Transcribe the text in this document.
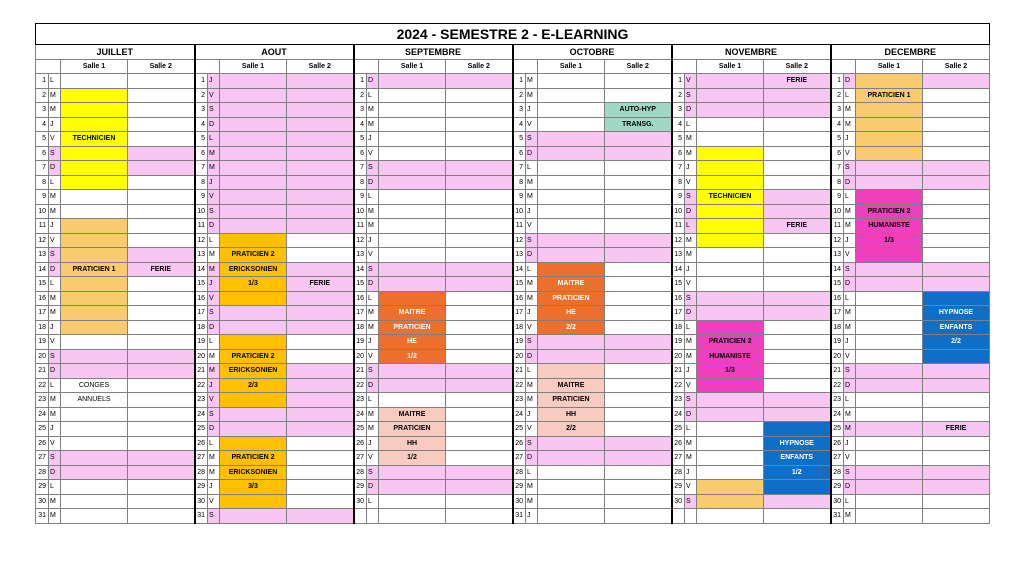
2024 - SEMESTRE 2 - E-LEARNING																							
JUILLET				AOUT				SEPTEMBRE				OCTOBRE				NOVEMBRE				DECEMBRE			
		Salle 1	Salle 2			Salle 1	Salle 2			Salle 1	Salle 2			Salle 1	Salle 2			Salle 1	Salle 2			Salle 1	Salle 2
1	L			1	J			1	D			1	M			1	V		FERIE	1	D		
2	M			2	V			2	L			2	M			2	S			2	L	PRATICIEN 1	
3	M			3	S			3	M			3	J		AUTO-HYP	3	D			3	M		
4	J			4	D			4	M			4	V		TRANSG.	4	L			4	M		
5	V	TECHNICIEN		5	L			5	J			5	S			5	M			5	J		
6	S			6	M			6	V			6	D			6	M			6	V		
7	D			7	M			7	S			7	L			7	J			7	S		
8	L			8	J			8	D			8	M			8	V			8	D		
9	M			9	V			9	L			9	M			9	S	TECHNICIEN		9	L		
10	M			10	S			10	M			10	J			10	D			10	M	PRATICIEN 2	
11	J			11	D			11	M			11	V			11	L		FERIE	11	M	HUMANISTE	
12	V			12	L			12	J			12	S			12	M			12	J	1/3	
13	S			13	M	PRATICIEN 2		13	V			13	D			13	M			13	V		
14	D	PRATICIEN 1	FERIE	14	M	ERICKSONIEN		14	S			14	L			14	J			14	S		
15	L			15	J	1/3	FERIE	15	D			15	M	MAITRE		15	V			15	D		
16	M			16	V			16	L			16	M	PRATICIEN		16	S			16	L		
17	M			17	S			17	M	MAITRE		17	J	HE		17	D			17	M		HYPNOSE
18	J			18	D			18	M	PRATICIEN		18	V	2/2		18	L			18	M		ENFANTS
19	V			19	L			19	J	HE		19	S			19	M	PRATICIEN 2		19	J		2/2
20	S			20	M	PRATICIEN 2		20	V	1/2		20	D			20	M	HUMANISTE		20	V		
21	D			21	M	ERICKSONIEN		21	S			21	L			21	J	1/3		21	S		
22	L	CONGES		22	J	2/3		22	D			22	M	MAITRE		22	V			22	D		
23	M	ANNUELS		23	V			23	L			23	M	PRATICIEN		23	S			23	L		
24	M			24	S			24	M	MAITRE		24	J	HH		24	D			24	M		
25	J			25	D			25	M	PRATICIEN		25	V	2/2		25	L			25	M		FERIE
26	V			26	L			26	J	HH		26	S			26	M		HYPNOSE	26	J		
27	S			27	M	PRATICIEN 2		27	V	1/2		27	D			27	M		ENFANTS	27	V		
28	D			28	M	ERICKSONIEN		28	S			28	L			28	J		1/2	28	S		
29	L			29	J	3/3		29	D			29	M			29	V			29	D		
30	M			30	V			30	L			30	M			30	S			30	L		
31	M			31	S							31	J							31	M		
